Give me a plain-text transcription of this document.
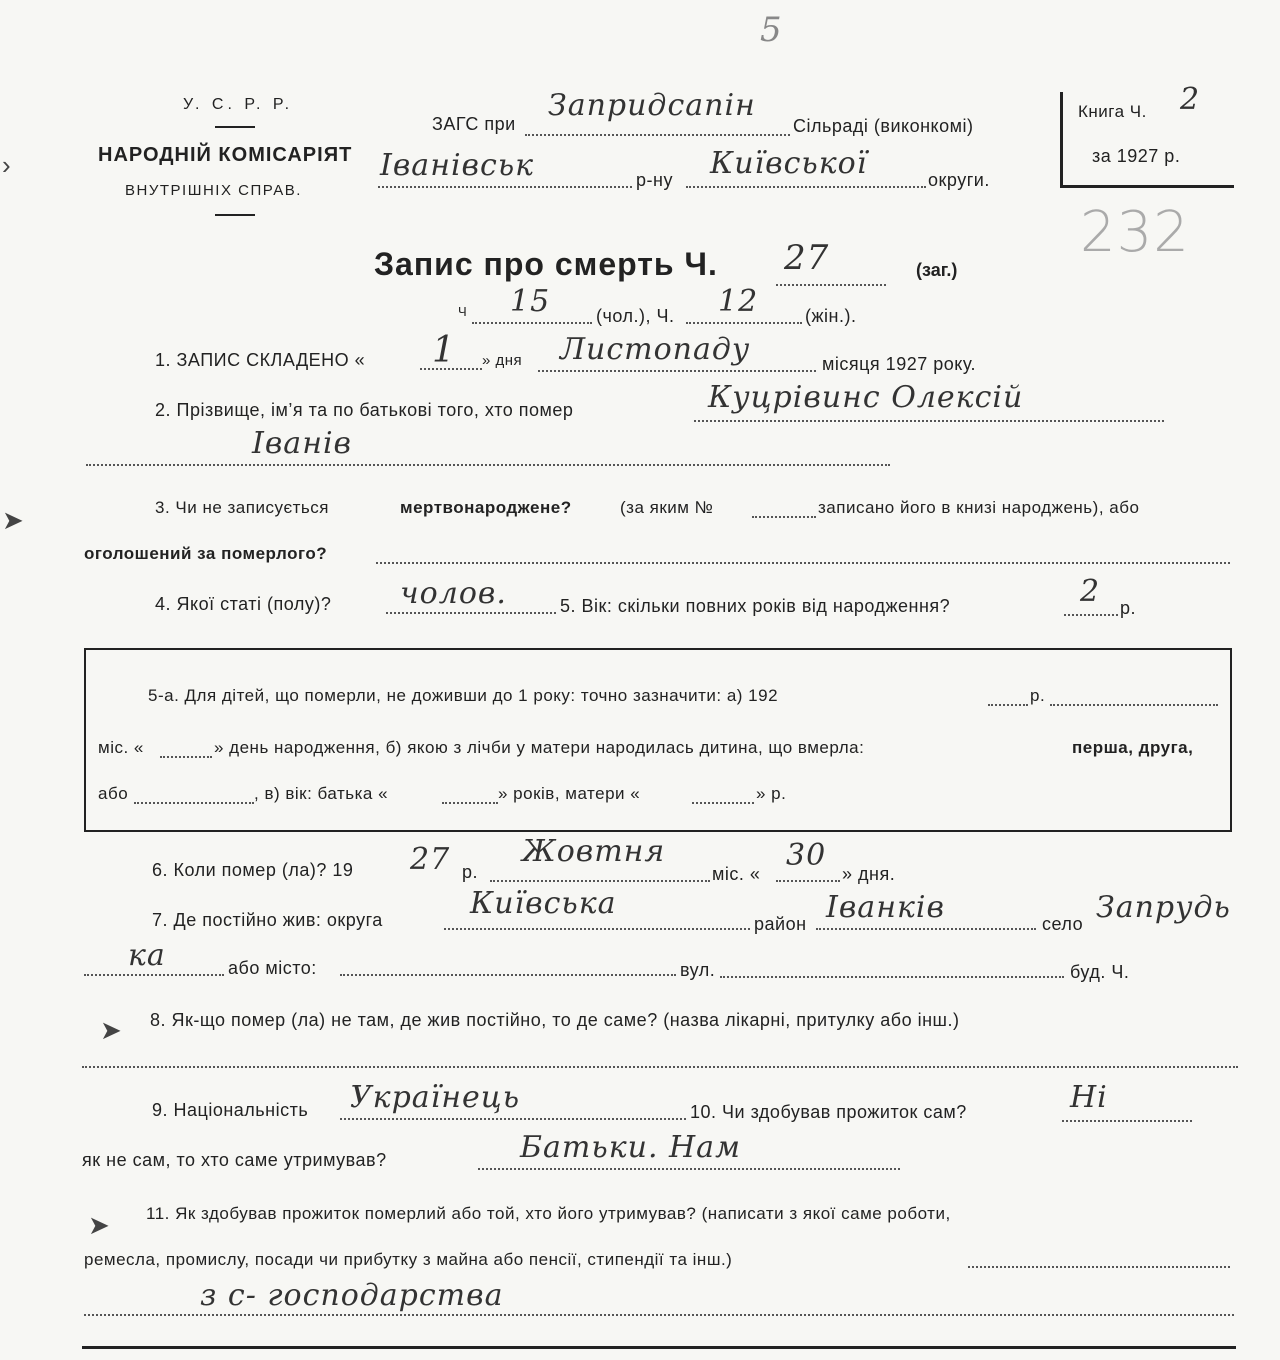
5
232
›
➤
➤
➤
У. С. Р. Р.
НАРОДНІЙ КОМІСАРІЯТ
ВНУТРІШНІХ СПРАВ.
ЗАГС при
Запридсапін
Сільраді (виконкомі)
Іванівськ	р-ну Київської	округи.
Книга Ч. 2
за 1927 р.
Запис про смерть Ч. 27	(заг.)
Ч 15	(чол.), Ч. 12	(жін.).
1. ЗАПИС СКЛАДЕНО « 1 » дня Листопаду	місяця 1927 року.
2. Прізвище, ім’я та по батькові того, хто помер	Куцрівинс Олексій
Іванів
3. Чи не записується	мертвонароджене?	(за яким №	записано його в книзі народжень), або
оголошений за померлого?
4. Якої статі (полу)? чолов.	5. Вік: скільки повних років від народження?	2 р.
5-а. Для дітей, що померли, не доживши до 1 року: точно зазначити: а) 192	р.
міс. «	» день народження, б) якою з лічби у матери народилась дитина, що вмерла:	перша, друга,
або	, в) вік: батька «	» років, матери «	» р.
6. Коли помер (ла)? 19 27 р.
Жовтня
міс. «
30
» дня.
7. Де постійно жив: округа	Київська
район Іванків	село Запрудь
ка	або місто:	вул.	буд. Ч.
8. Як-що помер (ла) не там, де жив постійно, то де саме? (назва лікарні, притулку або інш.)
9. Національність Українець	10. Чи здобував прожиток сам?	Ні
як не сам, то хто саме утримував?	Батьки. Нам
11. Як здобував прожиток померлий або той, хто його утримував? (написати з якої саме роботи,
ремесла, промислу, посади чи прибутку з майна або пенсії, стипендії та інш.)
з с- господарства
